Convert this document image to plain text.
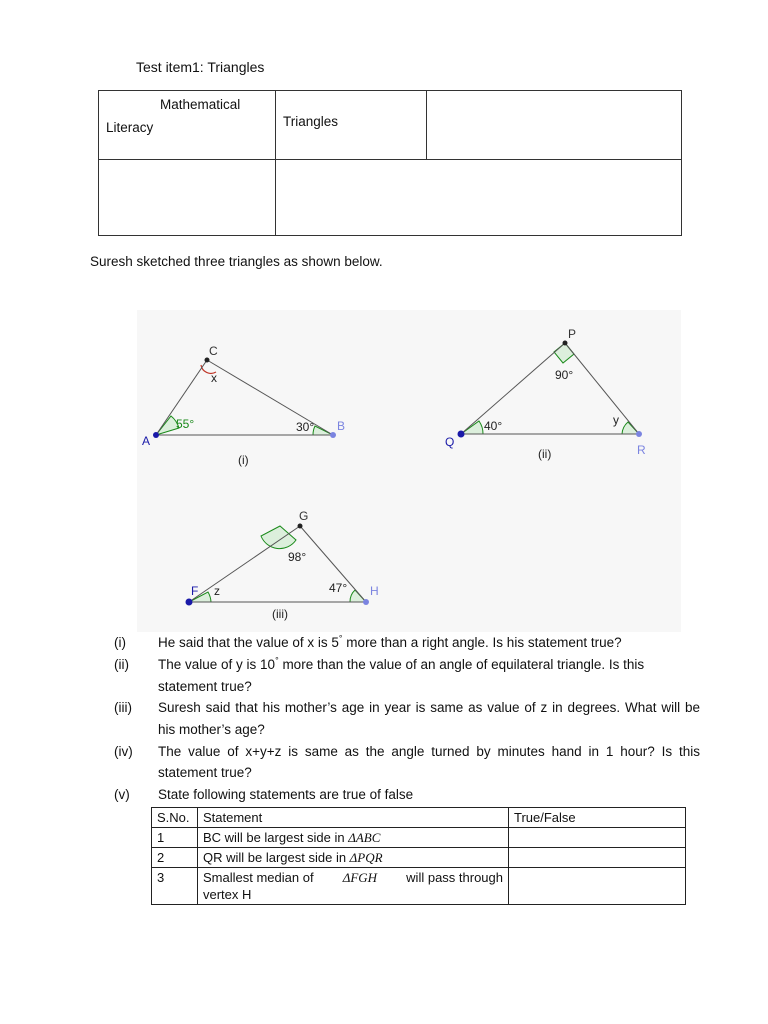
Test item1: Triangles
Mathematical
Literacy	Triangles
Suresh sketched three triangles as shown below.
A
B
C
55°	30°
x
(i)
Q
R
P
40°
90°
y
(ii)
F	H
G
z
98°
47°
(iii)
(i) He said that the value of x is 5° more than a right angle. Is his statement true?
(ii) The value of y is 10° more than the value of an angle of equilateral triangle. Is this
statement true?
(iii) Suresh said that his mother’s age in year is same as value of z in degrees. What will be
his mother’s age?
(iv) The value of x+y+z is same as the angle turned by minutes hand in 1 hour? Is this
statement true?
(v) State following statements are true of false
S.No.	Statement	True/False
1	BC will be largest side in ΔABC	
2	QR will be largest side in ΔPQR	
3	Smallest median of ΔFGH will pass through
vertex H	
